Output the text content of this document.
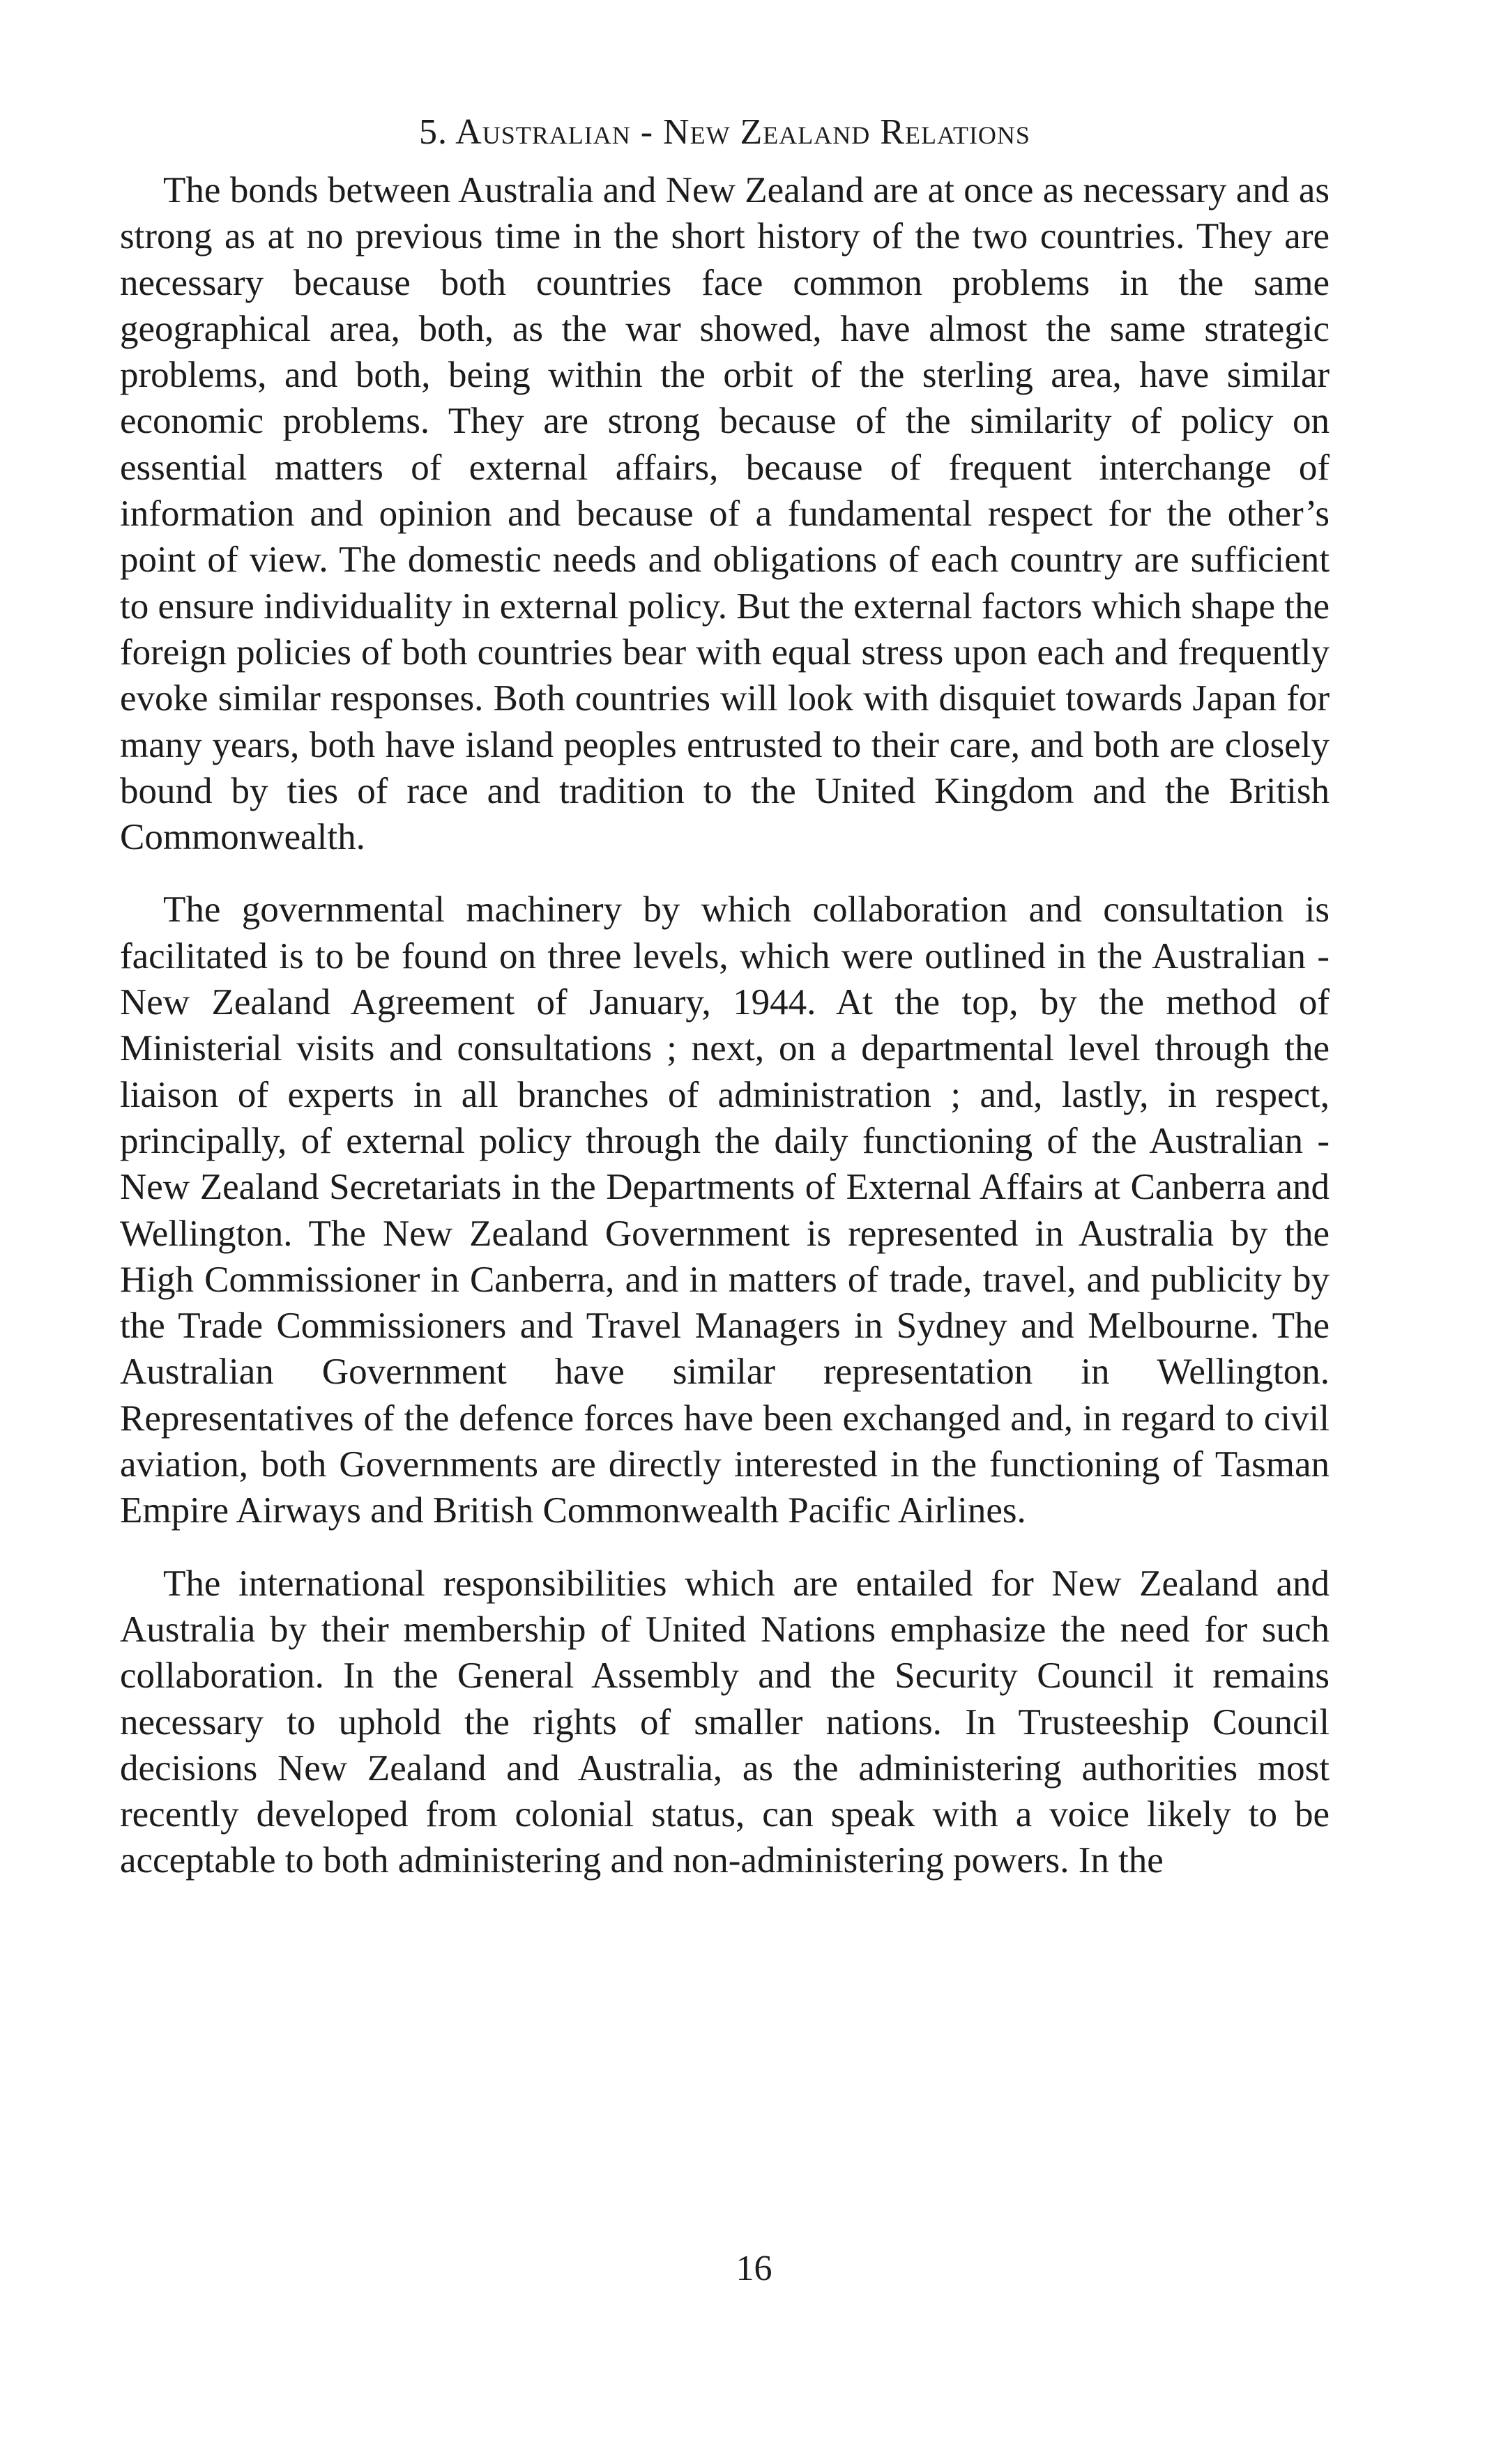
5. Australian - New Zealand Relations

The bonds between Australia and New Zealand are at once as necessary and as strong as at no previous time in the short history of the two countries. They are necessary because both countries face common problems in the same geographical area, both, as the war showed, have almost the same strategic problems, and both, being within the orbit of the sterling area, have similar economic problems. They are strong because of the similarity of policy on essential matters of external affairs, because of frequent interchange of information and opinion and because of a fundamental respect for the other’s point of view. The domestic needs and obligations of each country are sufficient to ensure individuality in external policy. But the external factors which shape the foreign policies of both countries bear with equal stress upon each and frequently evoke similar responses. Both countries will look with disquiet towards Japan for many years, both have island peoples entrusted to their care, and both are closely bound by ties of race and tradition to the United Kingdom and the British Commonwealth.

The governmental machinery by which collaboration and consultation is facilitated is to be found on three levels, which were outlined in the Australian - New Zealand Agreement of January, 1944. At the top, by the method of Ministerial visits and consultations ; next, on a departmental level through the liaison of experts in all branches of administration ; and, lastly, in respect, principally, of external policy through the daily functioning of the Australian - New Zealand Secretariats in the Departments of External Affairs at Canberra and Wellington. The New Zealand Government is represented in Australia by the High Commissioner in Canberra, and in matters of trade, travel, and publicity by the Trade Commissioners and Travel Managers in Sydney and Melbourne. The Australian Government have similar representation in Wellington. Representatives of the defence forces have been exchanged and, in regard to civil aviation, both Governments are directly interested in the functioning of Tasman Empire Airways and British Commonwealth Pacific Airlines.

The international responsibilities which are entailed for New Zealand and Australia by their membership of United Nations emphasize the need for such collaboration. In the General Assembly and the Security Council it remains necessary to uphold the rights of smaller nations. In Trusteeship Council decisions New Zealand and Australia, as the administering authorities most recently developed from colonial status, can speak with a voice likely to be acceptable to both administering and non-administering powers. In the

16
